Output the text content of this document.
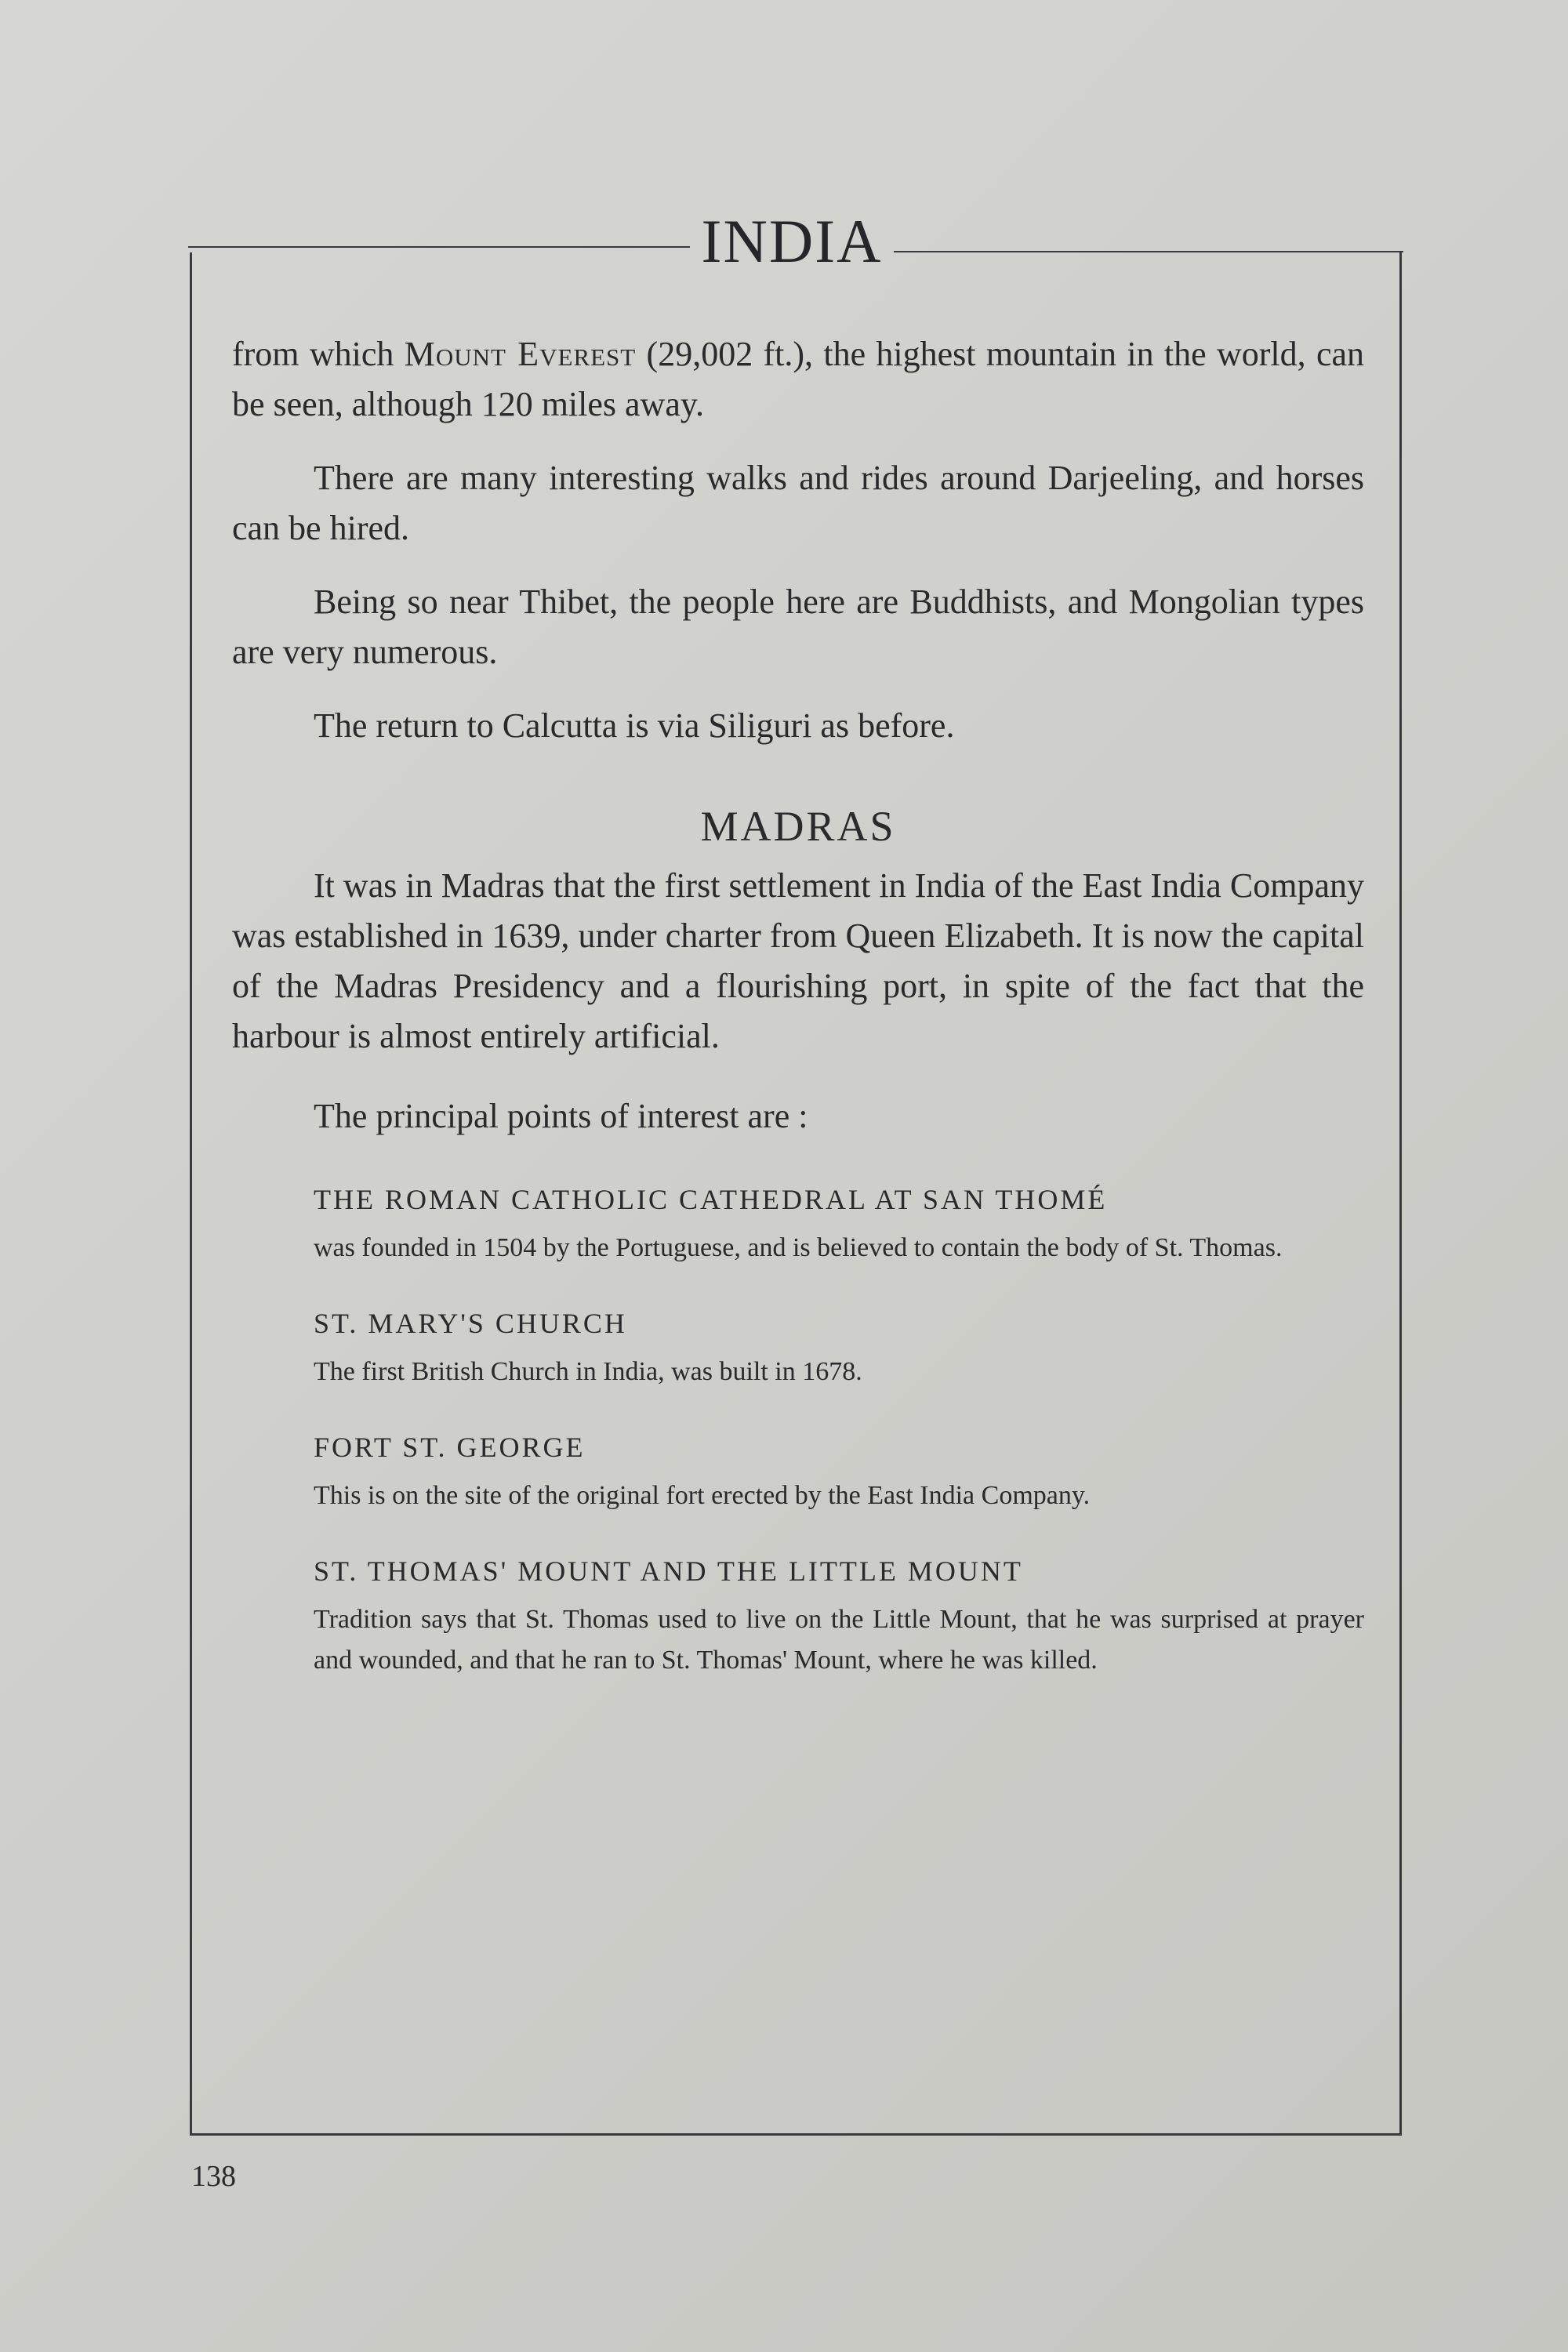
INDIA

from which Mount Everest (29,002 ft.), the highest mountain in the world, can be seen, although 120 miles away.

There are many interesting walks and rides around Darjeeling, and horses can be hired.

Being so near Thibet, the people here are Buddhists, and Mongolian types are very numerous.

The return to Calcutta is via Siliguri as before.

MADRAS

It was in Madras that the first settlement in India of the East India Company was established in 1639, under charter from Queen Elizabeth. It is now the capital of the Madras Presidency and a flourishing port, in spite of the fact that the harbour is almost entirely artificial.

The principal points of interest are :
THE ROMAN CATHOLIC CATHEDRAL AT SAN THOMÉ

was founded in 1504 by the Portuguese, and is believed to contain the body of St. Thomas.

ST. MARY'S CHURCH

The first British Church in India, was built in 1678.

FORT ST. GEORGE

This is on the site of the original fort erected by the East India Company.

ST. THOMAS' MOUNT AND THE LITTLE MOUNT

Tradition says that St. Thomas used to live on the Little Mount, that he was surprised at prayer and wounded, and that he ran to St. Thomas' Mount, where he was killed.

138
